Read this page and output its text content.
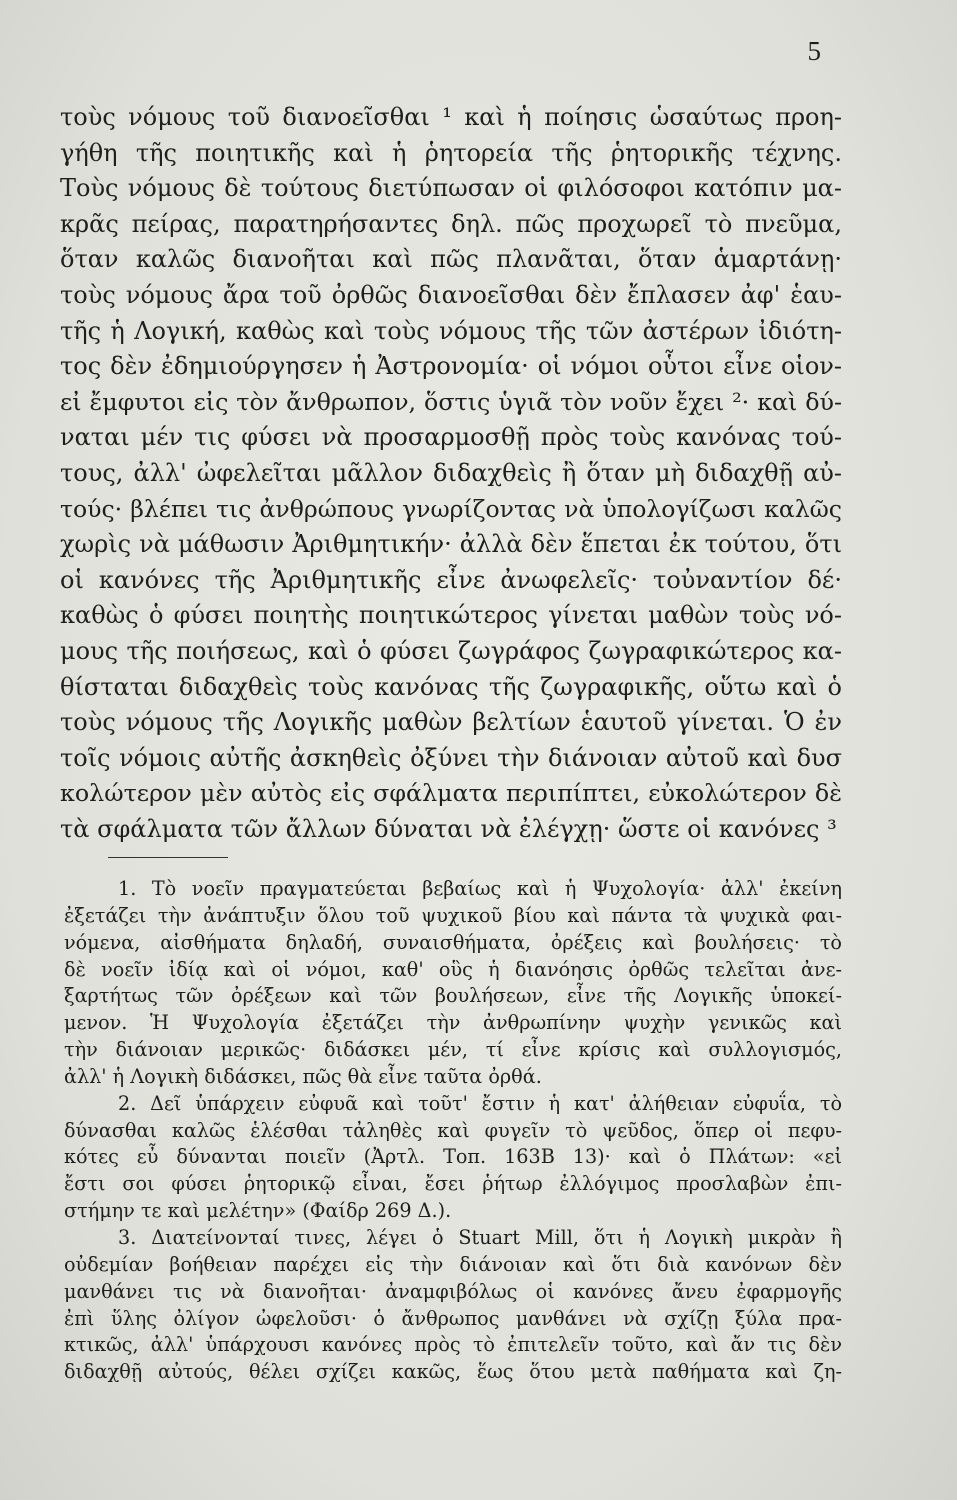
5
τοὺς νόμους τοῦ διανοεῖσθαι ¹ καὶ ἡ ποίησις ὡσαύτως προη-
γήθη τῆς ποιητικῆς καὶ ἡ ῥητορεία τῆς ῥητορικῆς τέχνης.
Τοὺς νόμους δὲ τούτους διετύπωσαν οἱ φιλόσοφοι κατόπιν μα-
κρᾶς πείρας, παρατηρήσαντες δηλ. πῶς προχωρεῖ τὸ πνεῦμα,
ὅταν καλῶς διανοῆται καὶ πῶς πλανᾶται, ὅταν ἁμαρτάνῃ·
τοὺς νόμους ἄρα τοῦ ὀρθῶς διανοεῖσθαι δὲν ἔπλασεν ἀφ' ἑαυ-
τῆς ἡ Λογική, καθὼς καὶ τοὺς νόμους τῆς τῶν ἀστέρων ἰδιότη-
τος δὲν ἐδημιούργησεν ἡ Ἀστρονομία· οἱ νόμοι οὗτοι εἶνε οἱον-
εἰ ἔμφυτοι εἰς τὸν ἄνθρωπον, ὅστις ὑγιᾶ τὸν νοῦν ἔχει ²· καὶ δύ-
ναται μέν τις φύσει νὰ προσαρμοσθῇ πρὸς τοὺς κανόνας τού-
τους, ἀλλ' ὠφελεῖται μᾶλλον διδαχθεὶς ἢ ὅταν μὴ διδαχθῇ αὐ-
τούς· βλέπει τις ἀνθρώπους γνωρίζοντας νὰ ὑπολογίζωσι καλῶς
χωρὶς νὰ μάθωσιν Ἀριθμητικήν· ἀλλὰ δὲν ἕπεται ἐκ τούτου, ὅτι
οἱ κανόνες τῆς Ἀριθμητικῆς εἶνε ἀνωφελεῖς· τοὐναντίον δέ·
καθὼς ὁ φύσει ποιητὴς ποιητικώτερος γίνεται μαθὼν τοὺς νό-
μους τῆς ποιήσεως, καὶ ὁ φύσει ζωγράφος ζωγραφικώτερος κα-
θίσταται διδαχθεὶς τοὺς κανόνας τῆς ζωγραφικῆς, οὕτω καὶ ὁ
τοὺς νόμους τῆς Λογικῆς μαθὼν βελτίων ἑαυτοῦ γίνεται. Ὁ ἐν
τοῖς νόμοις αὐτῆς ἀσκηθεὶς ὀξύνει τὴν διάνοιαν αὐτοῦ καὶ δυσ
κολώτερον μὲν αὐτὸς εἰς σφάλματα περιπίπτει, εὐκολώτερον δὲ
τὰ σφάλματα τῶν ἄλλων δύναται νὰ ἐλέγχῃ· ὥστε οἱ κανόνες ³
1. Τὸ νοεῖν πραγματεύεται βεβαίως καὶ ἡ Ψυχολογία· ἀλλ' ἐκείνη
ἐξετάζει τὴν ἀνάπτυξιν ὅλου τοῦ ψυχικοῦ βίου καὶ πάντα τὰ ψυχικὰ φαι-
νόμενα, αἰσθήματα δηλαδή, συναισθήματα, ὀρέξεις καὶ βουλήσεις· τὸ
δὲ νοεῖν ἰδίᾳ καὶ οἱ νόμοι, καθ' οὓς ἡ διανόησις ὀρθῶς τελεῖται ἀνε-
ξαρτήτως τῶν ὀρέξεων καὶ τῶν βουλήσεων, εἶνε τῆς Λογικῆς ὑποκεί-
μενον. Ἡ Ψυχολογία ἐξετάζει τὴν ἀνθρωπίνην ψυχὴν γενικῶς καὶ
τὴν διάνοιαν μερικῶς· διδάσκει μέν, τί εἶνε κρίσις καὶ συλλογισμός,
ἀλλ' ἡ Λογικὴ διδάσκει, πῶς θὰ εἶνε ταῦτα ὀρθά.
2. Δεῖ ὑπάρχειν εὐφυᾶ καὶ τοῦτ' ἔστιν ἡ κατ' ἀλήθειαν εὐφυΐα, τὸ
δύνασθαι καλῶς ἑλέσθαι τἀληθὲς καὶ φυγεῖν τὸ ψεῦδος, ὅπερ οἱ πεφυ-
κότες εὖ δύνανται ποιεῖν (Ἀρτλ. Τοπ. 163Β 13)· καὶ ὁ Πλάτων: «εἰ
ἔστι σοι φύσει ῥητορικῷ εἶναι, ἔσει ῥήτωρ ἐλλόγιμος προσλαβὼν ἐπι-
στήμην τε καὶ μελέτην» (Φαίδρ 269 Δ.).
3. Διατείνονταί τινες, λέγει ὁ Stuart Mill, ὅτι ἡ Λογικὴ μικρὰν ἢ
οὐδεμίαν βοήθειαν παρέχει εἰς τὴν διάνοιαν καὶ ὅτι διὰ κανόνων δὲν
μανθάνει τις νὰ διανοῆται· ἀναμφιβόλως οἱ κανόνες ἄνευ ἐφαρμογῆς
ἐπὶ ὕλης ὀλίγον ὠφελοῦσι· ὁ ἄνθρωπος μανθάνει νὰ σχίζῃ ξύλα πρα-
κτικῶς, ἀλλ' ὑπάρχουσι κανόνες πρὸς τὸ ἐπιτελεῖν τοῦτο, καὶ ἄν τις δὲν
διδαχθῇ αὐτούς, θέλει σχίζει κακῶς, ἕως ὅτου μετὰ παθήματα καὶ ζη-
